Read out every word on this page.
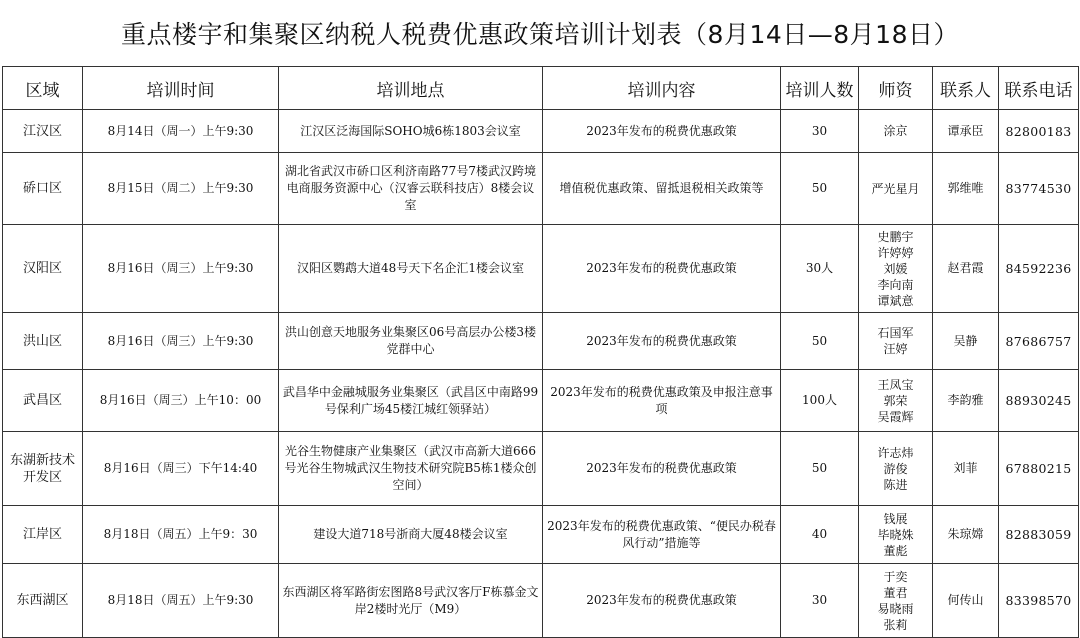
重点楼宇和集聚区纳税人税费优惠政策培训计划表（8月14日—8月18日）
区域	培训时间	培训地点	培训内容	培训人数	师资	联系人	联系电话
江汉区	8月14日（周一）上午9:30	江汉区泛海国际SOHO城6栋1803会议室	2023年发布的税费优惠政策	30	涂京	谭承臣	82800183
硚口区	8月15日（周二）上午9:30	湖北省武汉市硚口区利济南路77号7楼武汉跨境电商服务资源中心（汉睿云联科技店）8楼会议室	增值税优惠政策、留抵退税相关政策等	50	严光星月	郭维唯	83774530
汉阳区	8月16日（周三）上午9:30	汉阳区鹦鹉大道48号天下名企汇1楼会议室	2023年发布的税费优惠政策	30人	史鹏宇
许婷婷
刘媛
李向南
谭斌意	赵君霞	84592236
洪山区	8月16日（周三）上午9:30	洪山创意天地服务业集聚区06号高层办公楼3楼党群中心	2023年发布的税费优惠政策	50	石国军
汪婷	吴静	87686757
武昌区	8月16日（周三）上午10：00	武昌华中金融城服务业集聚区（武昌区中南路99号保利广场45楼江城红领驿站）	2023年发布的税费优惠政策及申报注意事项	100人	王凤宝
郭荣
吴霞辉	李韵雅	88930245
东湖新技术开发区	8月16日（周三）下午14:40	光谷生物健康产业集聚区（武汉市高新大道666号光谷生物城武汉生物技术研究院B5栋1楼众创空间）	2023年发布的税费优惠政策	50	许志炜
游俊
陈进	刘菲	67880215
江岸区	8月18日（周五）上午9：30	建设大道718号浙商大厦48楼会议室	2023年发布的税费优惠政策、“便民办税春风行动”措施等	40	钱展
毕晓姝
董彪	朱琼嫦	82883059
东西湖区	8月18日（周五）上午9:30	东西湖区将军路街宏图路8号武汉客厅F栋慕金文岸2楼时光厅（M9）	2023年发布的税费优惠政策	30	于奕
董君
易晓雨
张莉	何传山	83398570
